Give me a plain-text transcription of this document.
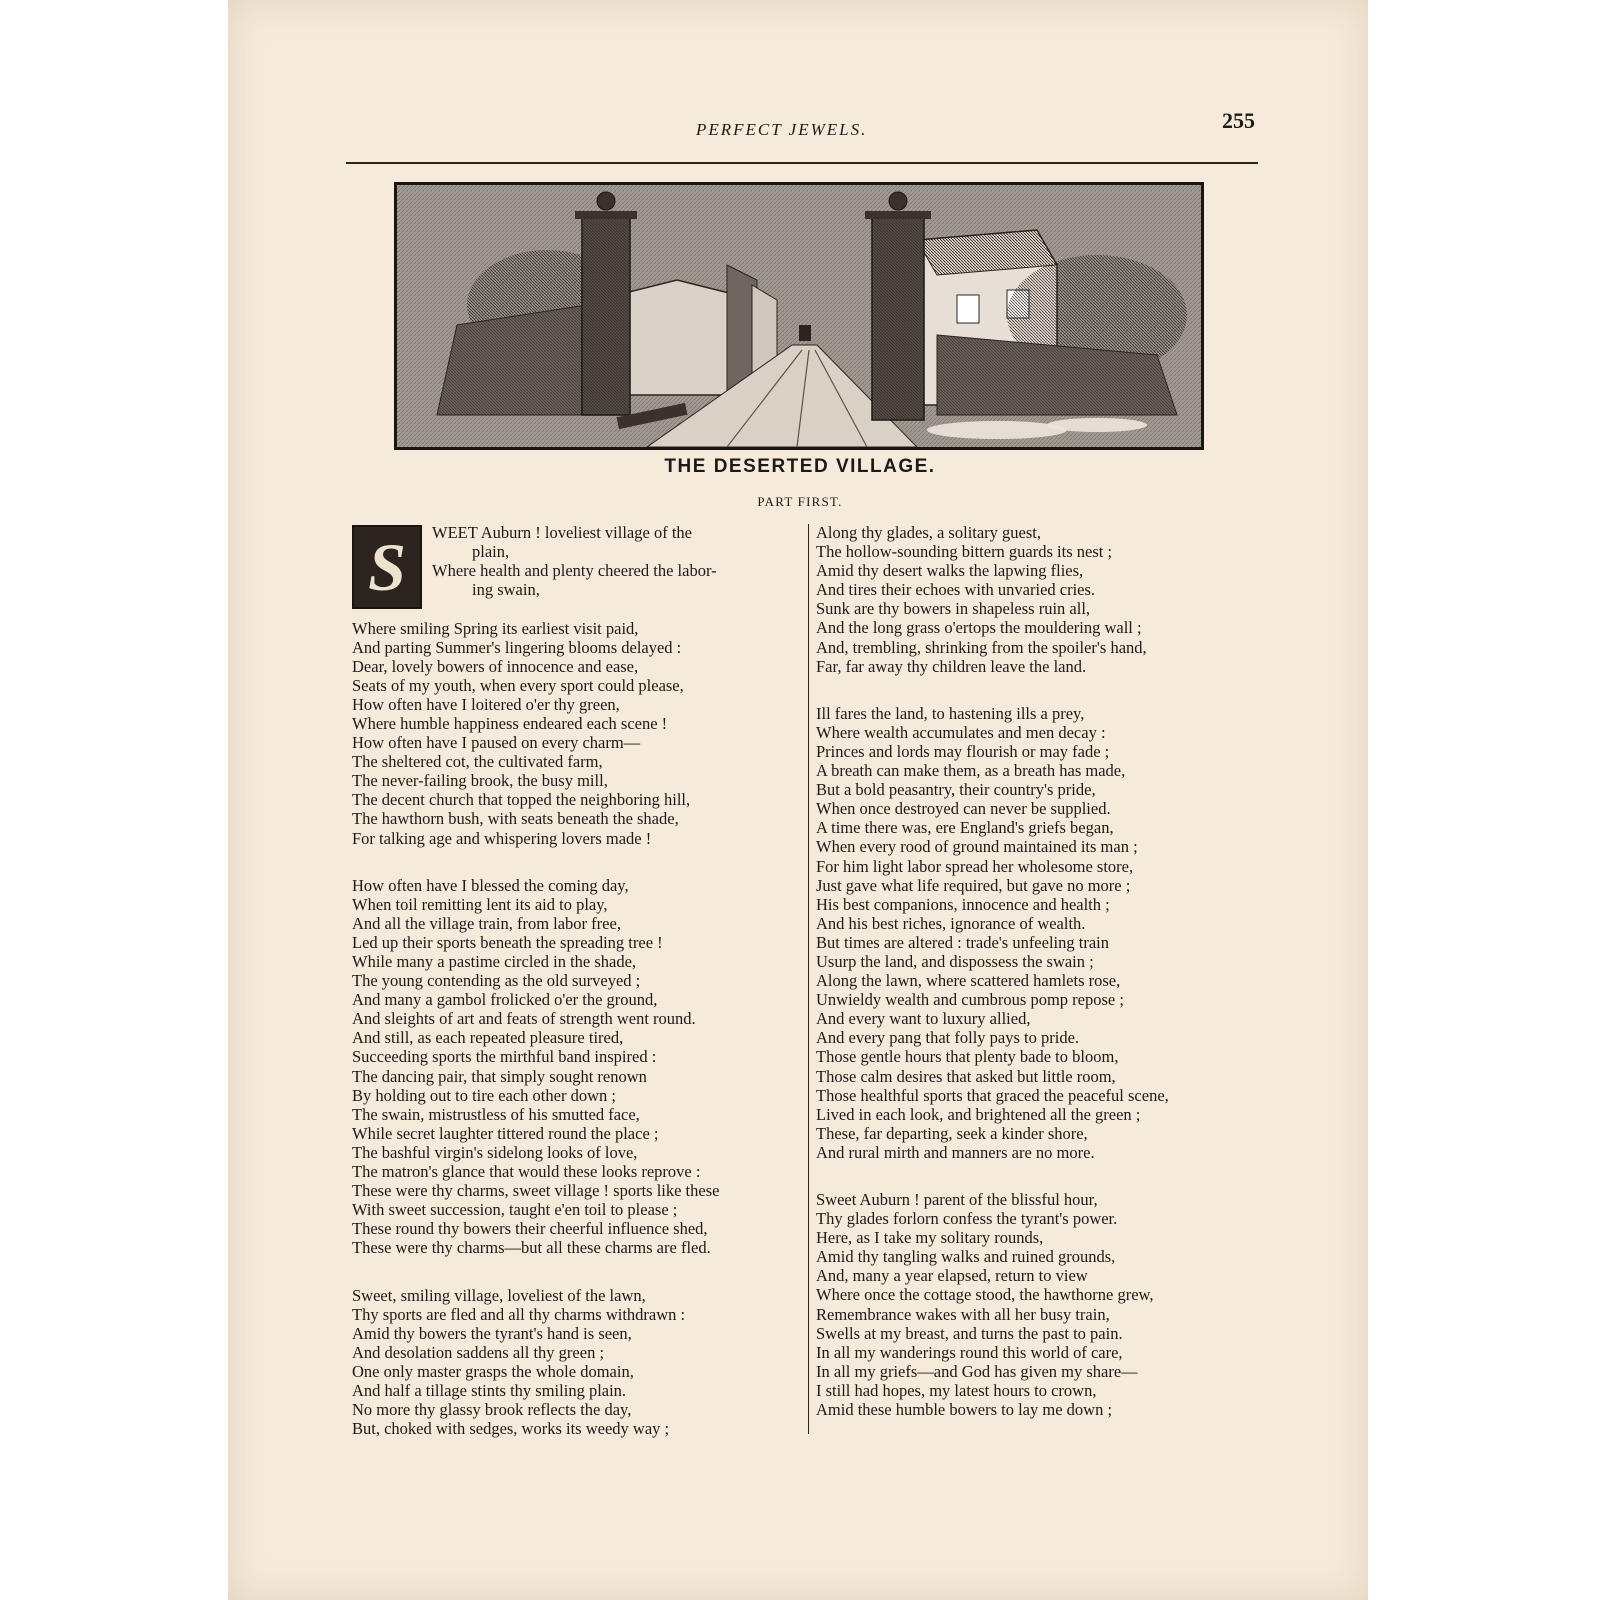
PERFECT JEWELS.	255
THE DESERTED VILLAGE.
PART FIRST.
S	WEET Auburn ! loveliest village of the
plain,
Where health and plenty cheered the labor-
ing swain,
Where smiling Spring its earliest visit paid,
And parting Summer's lingering blooms delayed :
Dear, lovely bowers of innocence and ease,
Seats of my youth, when every sport could please,
How often have I loitered o'er thy green,
Where humble happiness endeared each scene !
How often have I paused on every charm—
The sheltered cot, the cultivated farm,
The never-failing brook, the busy mill,
The decent church that topped the neighboring hill,
The hawthorn bush, with seats beneath the shade,
For talking age and whispering lovers made !
How often have I blessed the coming day,
When toil remitting lent its aid to play,
And all the village train, from labor free,
Led up their sports beneath the spreading tree !
While many a pastime circled in the shade,
The young contending as the old surveyed ;
And many a gambol frolicked o'er the ground,
And sleights of art and feats of strength went round.
And still, as each repeated pleasure tired,
Succeeding sports the mirthful band inspired :
The dancing pair, that simply sought renown
By holding out to tire each other down ;
The swain, mistrustless of his smutted face,
While secret laughter tittered round the place ;
The bashful virgin's sidelong looks of love,
The matron's glance that would these looks reprove :
These were thy charms, sweet village ! sports like these
With sweet succession, taught e'en toil to please ;
These round thy bowers their cheerful influence shed,
These were thy charms—but all these charms are fled.
Sweet, smiling village, loveliest of the lawn,
Thy sports are fled and all thy charms withdrawn :
Amid thy bowers the tyrant's hand is seen,
And desolation saddens all thy green ;
One only master grasps the whole domain,
And half a tillage stints thy smiling plain.
No more thy glassy brook reflects the day,
But, choked with sedges, works its weedy way ;
Along thy glades, a solitary guest,
The hollow-sounding bittern guards its nest ;
Amid thy desert walks the lapwing flies,
And tires their echoes with unvaried cries.
Sunk are thy bowers in shapeless ruin all,
And the long grass o'ertops the mouldering wall ;
And, trembling, shrinking from the spoiler's hand,
Far, far away thy children leave the land.
Ill fares the land, to hastening ills a prey,
Where wealth accumulates and men decay :
Princes and lords may flourish or may fade ;
A breath can make them, as a breath has made,
But a bold peasantry, their country's pride,
When once destroyed can never be supplied.
A time there was, ere England's griefs began,
When every rood of ground maintained its man ;
For him light labor spread her wholesome store,
Just gave what life required, but gave no more ;
His best companions, innocence and health ;
And his best riches, ignorance of wealth.
But times are altered : trade's unfeeling train
Usurp the land, and dispossess the swain ;
Along the lawn, where scattered hamlets rose,
Unwieldy wealth and cumbrous pomp repose ;
And every want to luxury allied,
And every pang that folly pays to pride.
Those gentle hours that plenty bade to bloom,
Those calm desires that asked but little room,
Those healthful sports that graced the peaceful scene,
Lived in each look, and brightened all the green ;
These, far departing, seek a kinder shore,
And rural mirth and manners are no more.
Sweet Auburn ! parent of the blissful hour,
Thy glades forlorn confess the tyrant's power.
Here, as I take my solitary rounds,
Amid thy tangling walks and ruined grounds,
And, many a year elapsed, return to view
Where once the cottage stood, the hawthorne grew,
Remembrance wakes with all her busy train,
Swells at my breast, and turns the past to pain.
In all my wanderings round this world of care,
In all my griefs—and God has given my share—
I still had hopes, my latest hours to crown,
Amid these humble bowers to lay me down ;
